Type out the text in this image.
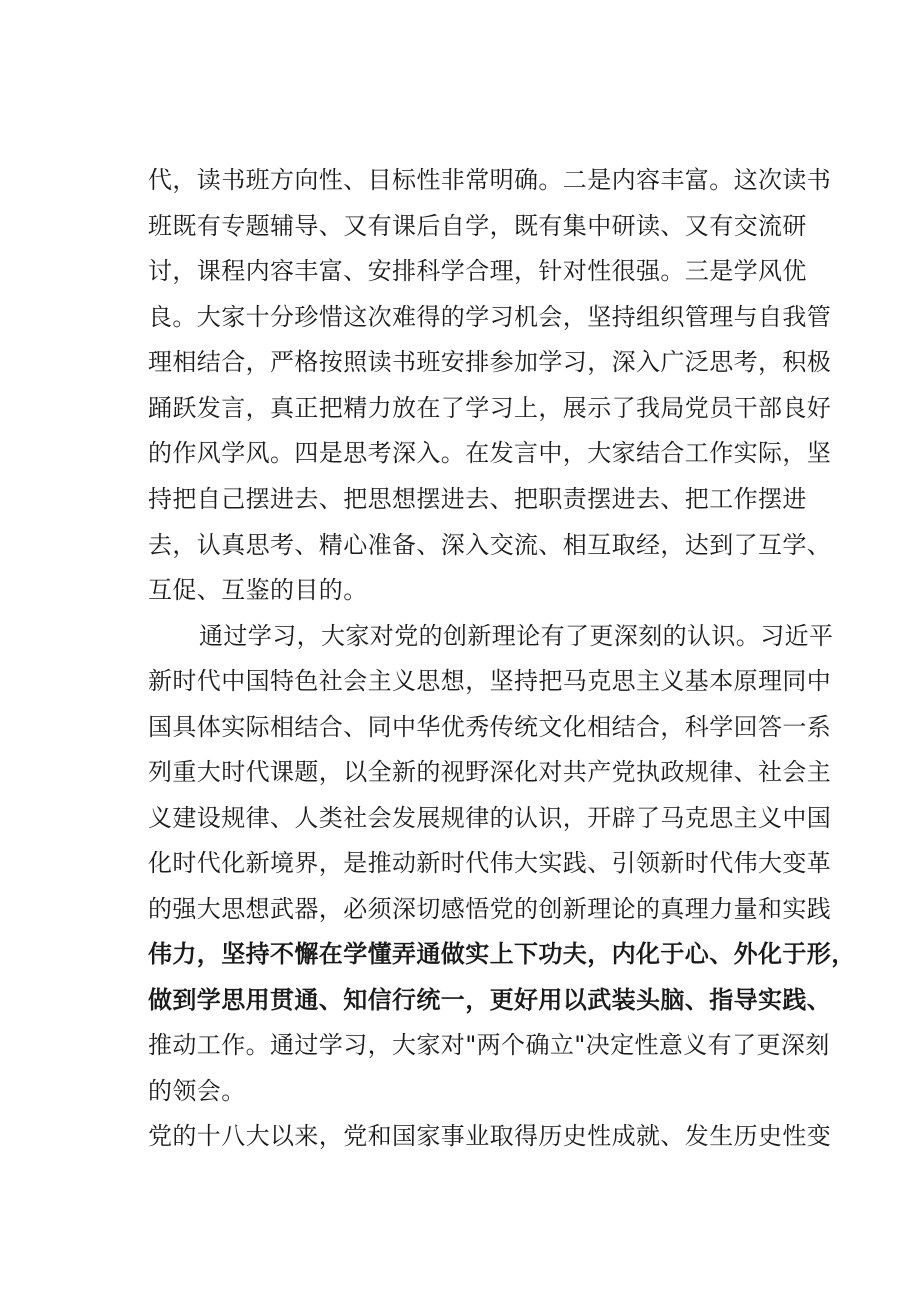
代，读书班方向性、目标性非常明确。二是内容丰富。这次读书
班既有专题辅导、又有课后自学，既有集中研读、又有交流研
讨，课程内容丰富、安排科学合理，针对性很强。三是学风优
良。大家十分珍惜这次难得的学习机会，坚持组织管理与自我管
理相结合，严格按照读书班安排参加学习，深入广泛思考，积极
踊跃发言，真正把精力放在了学习上，展示了我局党员干部良好
的作风学风。四是思考深入。在发言中，大家结合工作实际，坚
持把自己摆进去、把思想摆进去、把职责摆进去、把工作摆进
去，认真思考、精心准备、深入交流、相互取经，达到了互学、
互促、互鉴的目的。
通过学习，大家对党的创新理论有了更深刻的认识。习近平
新时代中国特色社会主义思想，坚持把马克思主义基本原理同中
国具体实际相结合、同中华优秀传统文化相结合，科学回答一系
列重大时代课题，以全新的视野深化对共产党执政规律、社会主
义建设规律、人类社会发展规律的认识，开辟了马克思主义中国
化时代化新境界，是推动新时代伟大实践、引领新时代伟大变革
的强大思想武器，必须深切感悟党的创新理论的真理力量和实践
伟力，坚持不懈在学懂弄通做实上下功夫，内化于心、外化于形，
做到学思用贯通、知信行统一，更好用以武装头脑、指导实践、
推动工作。通过学习，大家对"两个确立"决定性意义有了更深刻
的领会。
党的十八大以来，党和国家事业取得历史性成就、发生历史性变
